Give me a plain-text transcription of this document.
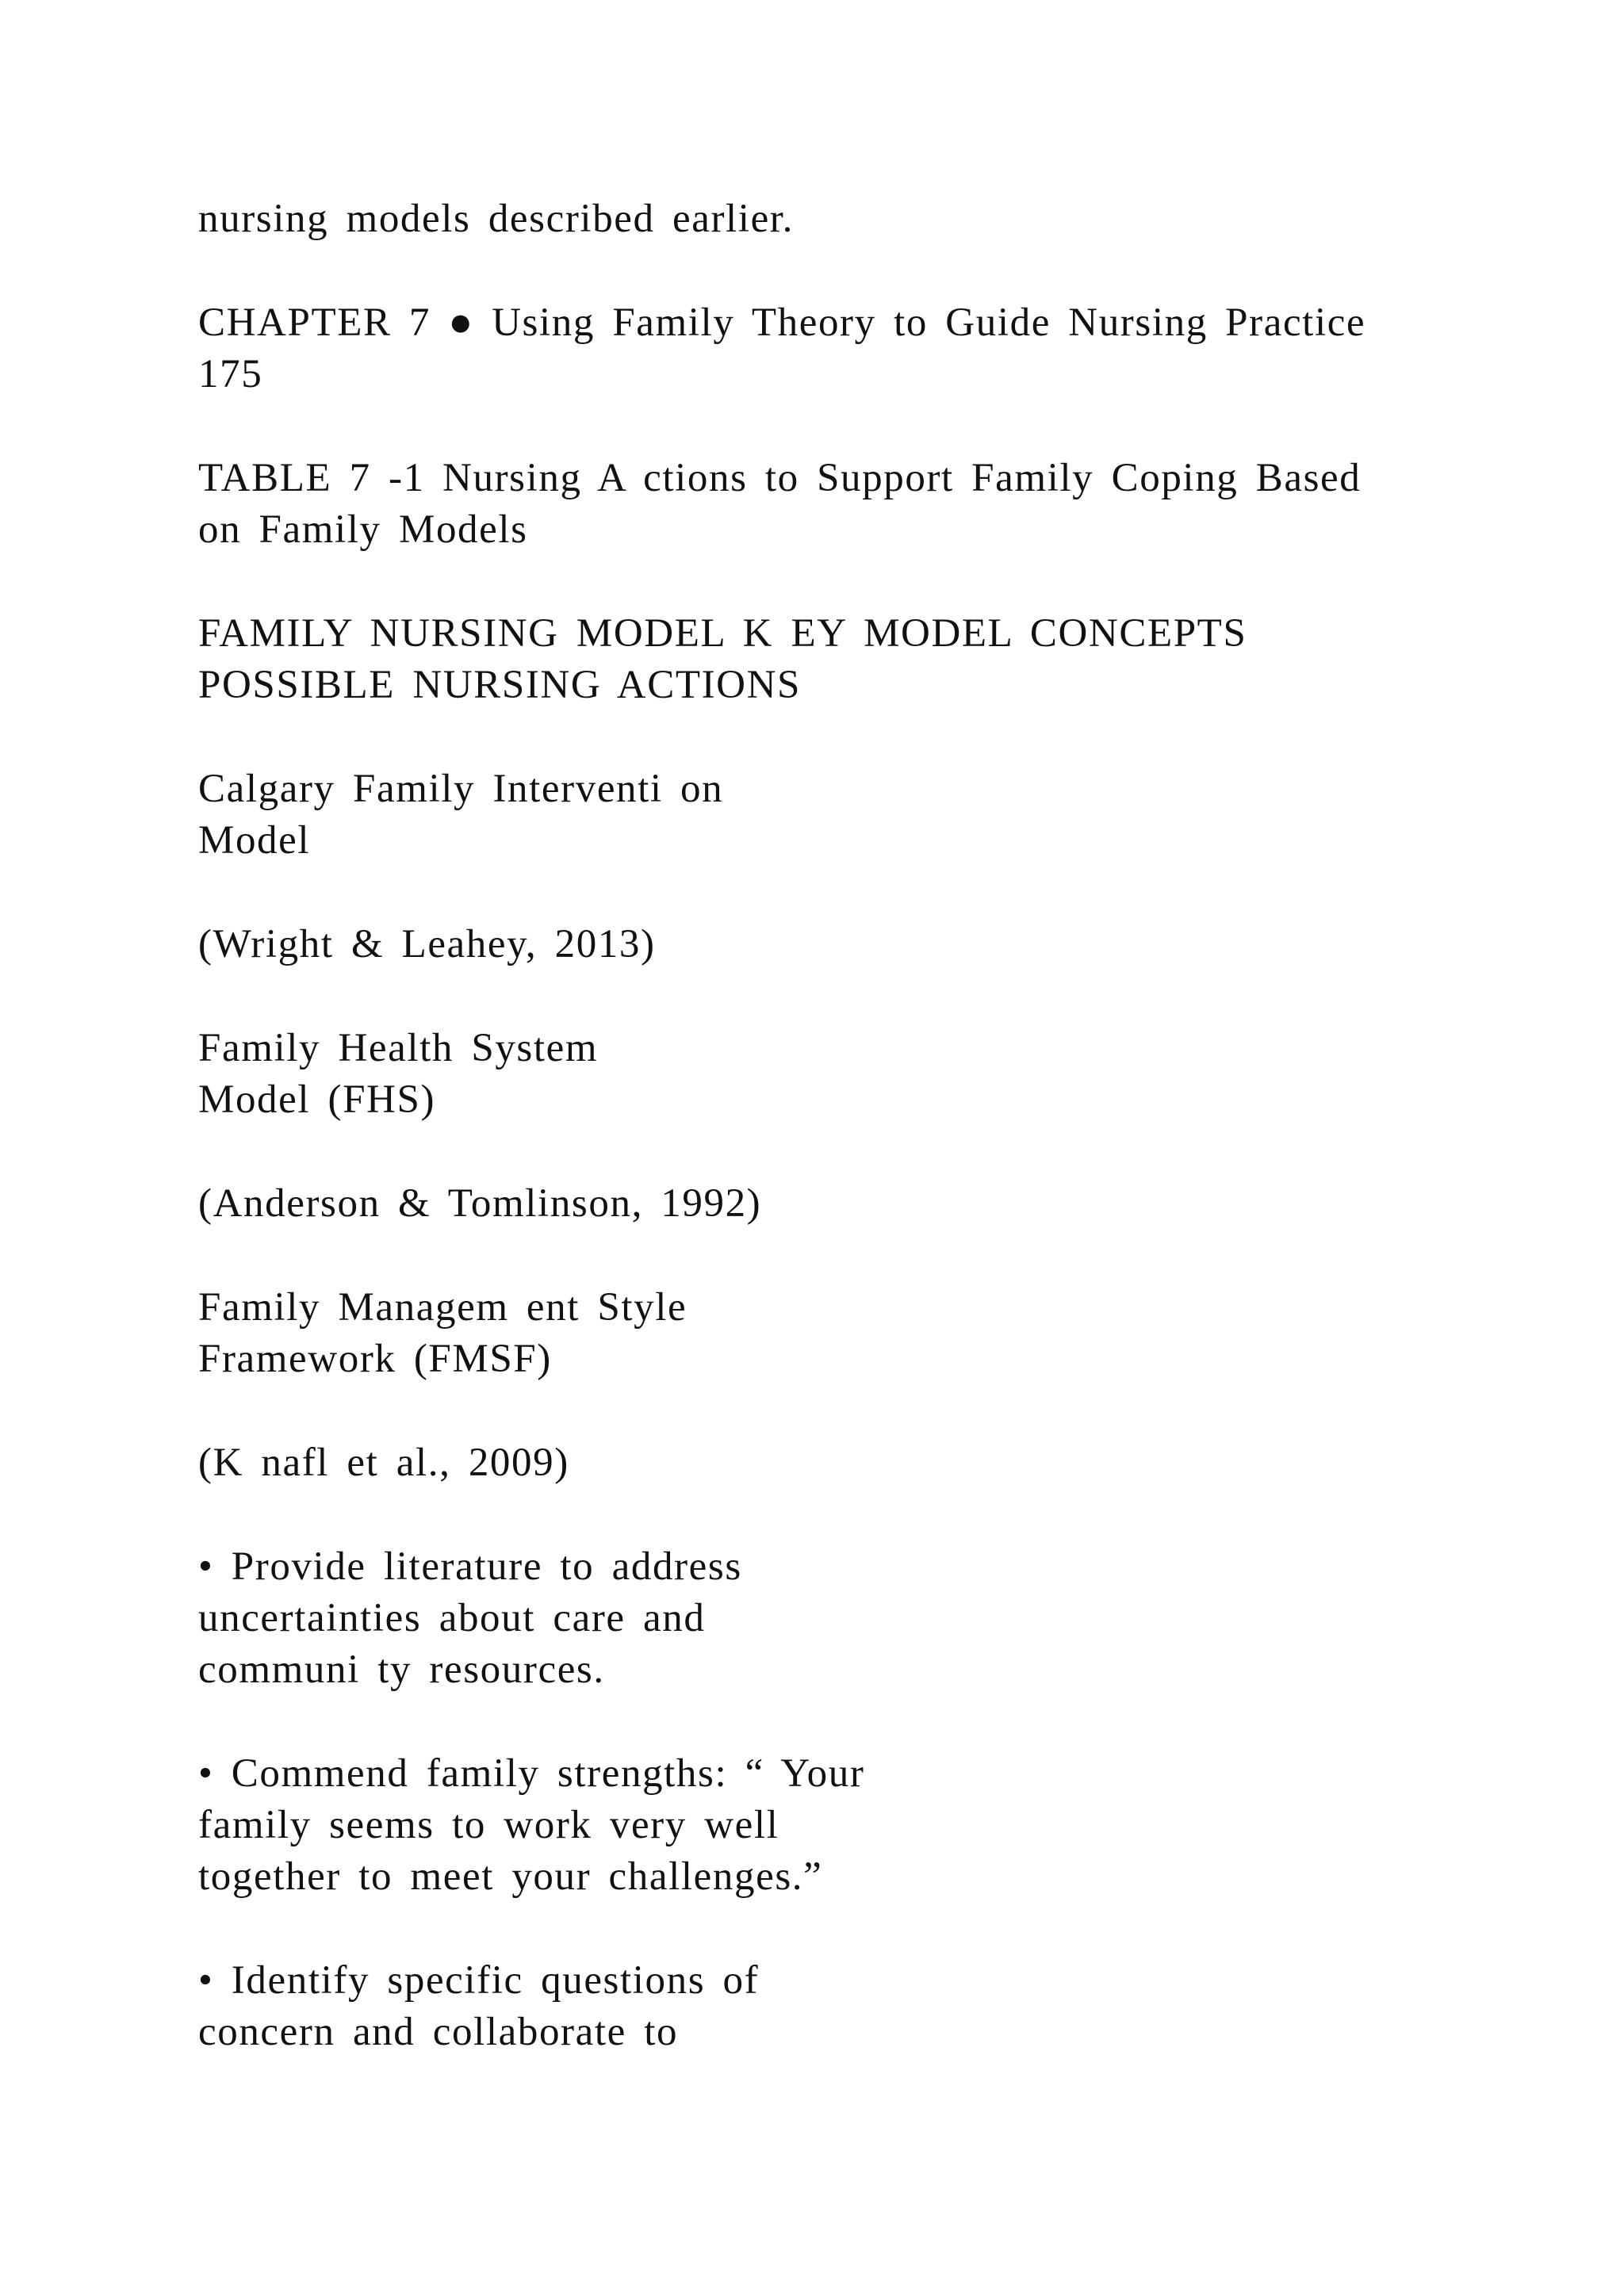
nursing models described earlier.

CHAPTER 7 ● Using Family Theory to Guide Nursing Practice
175

TABLE 7 -1 Nursing A ctions to Support Family Coping Based
on Family Models

FAMILY NURSING MODEL K EY MODEL CONCEPTS
POSSIBLE NURSING ACTIONS

Calgary Family Interventi on
Model

(Wright & Leahey, 2013)

Family Health System
Model (FHS)

(Anderson & Tomlinson, 1992)

Family Managem ent Style
Framework (FMSF)

(K nafl et al., 2009)

• Provide literature to address
uncertainties about care and
communi ty resources.

• Commend family strengths: “ Your
family seems to work very well
together to meet your challenges.”

• Identify specific questions of
concern and collaborate to
